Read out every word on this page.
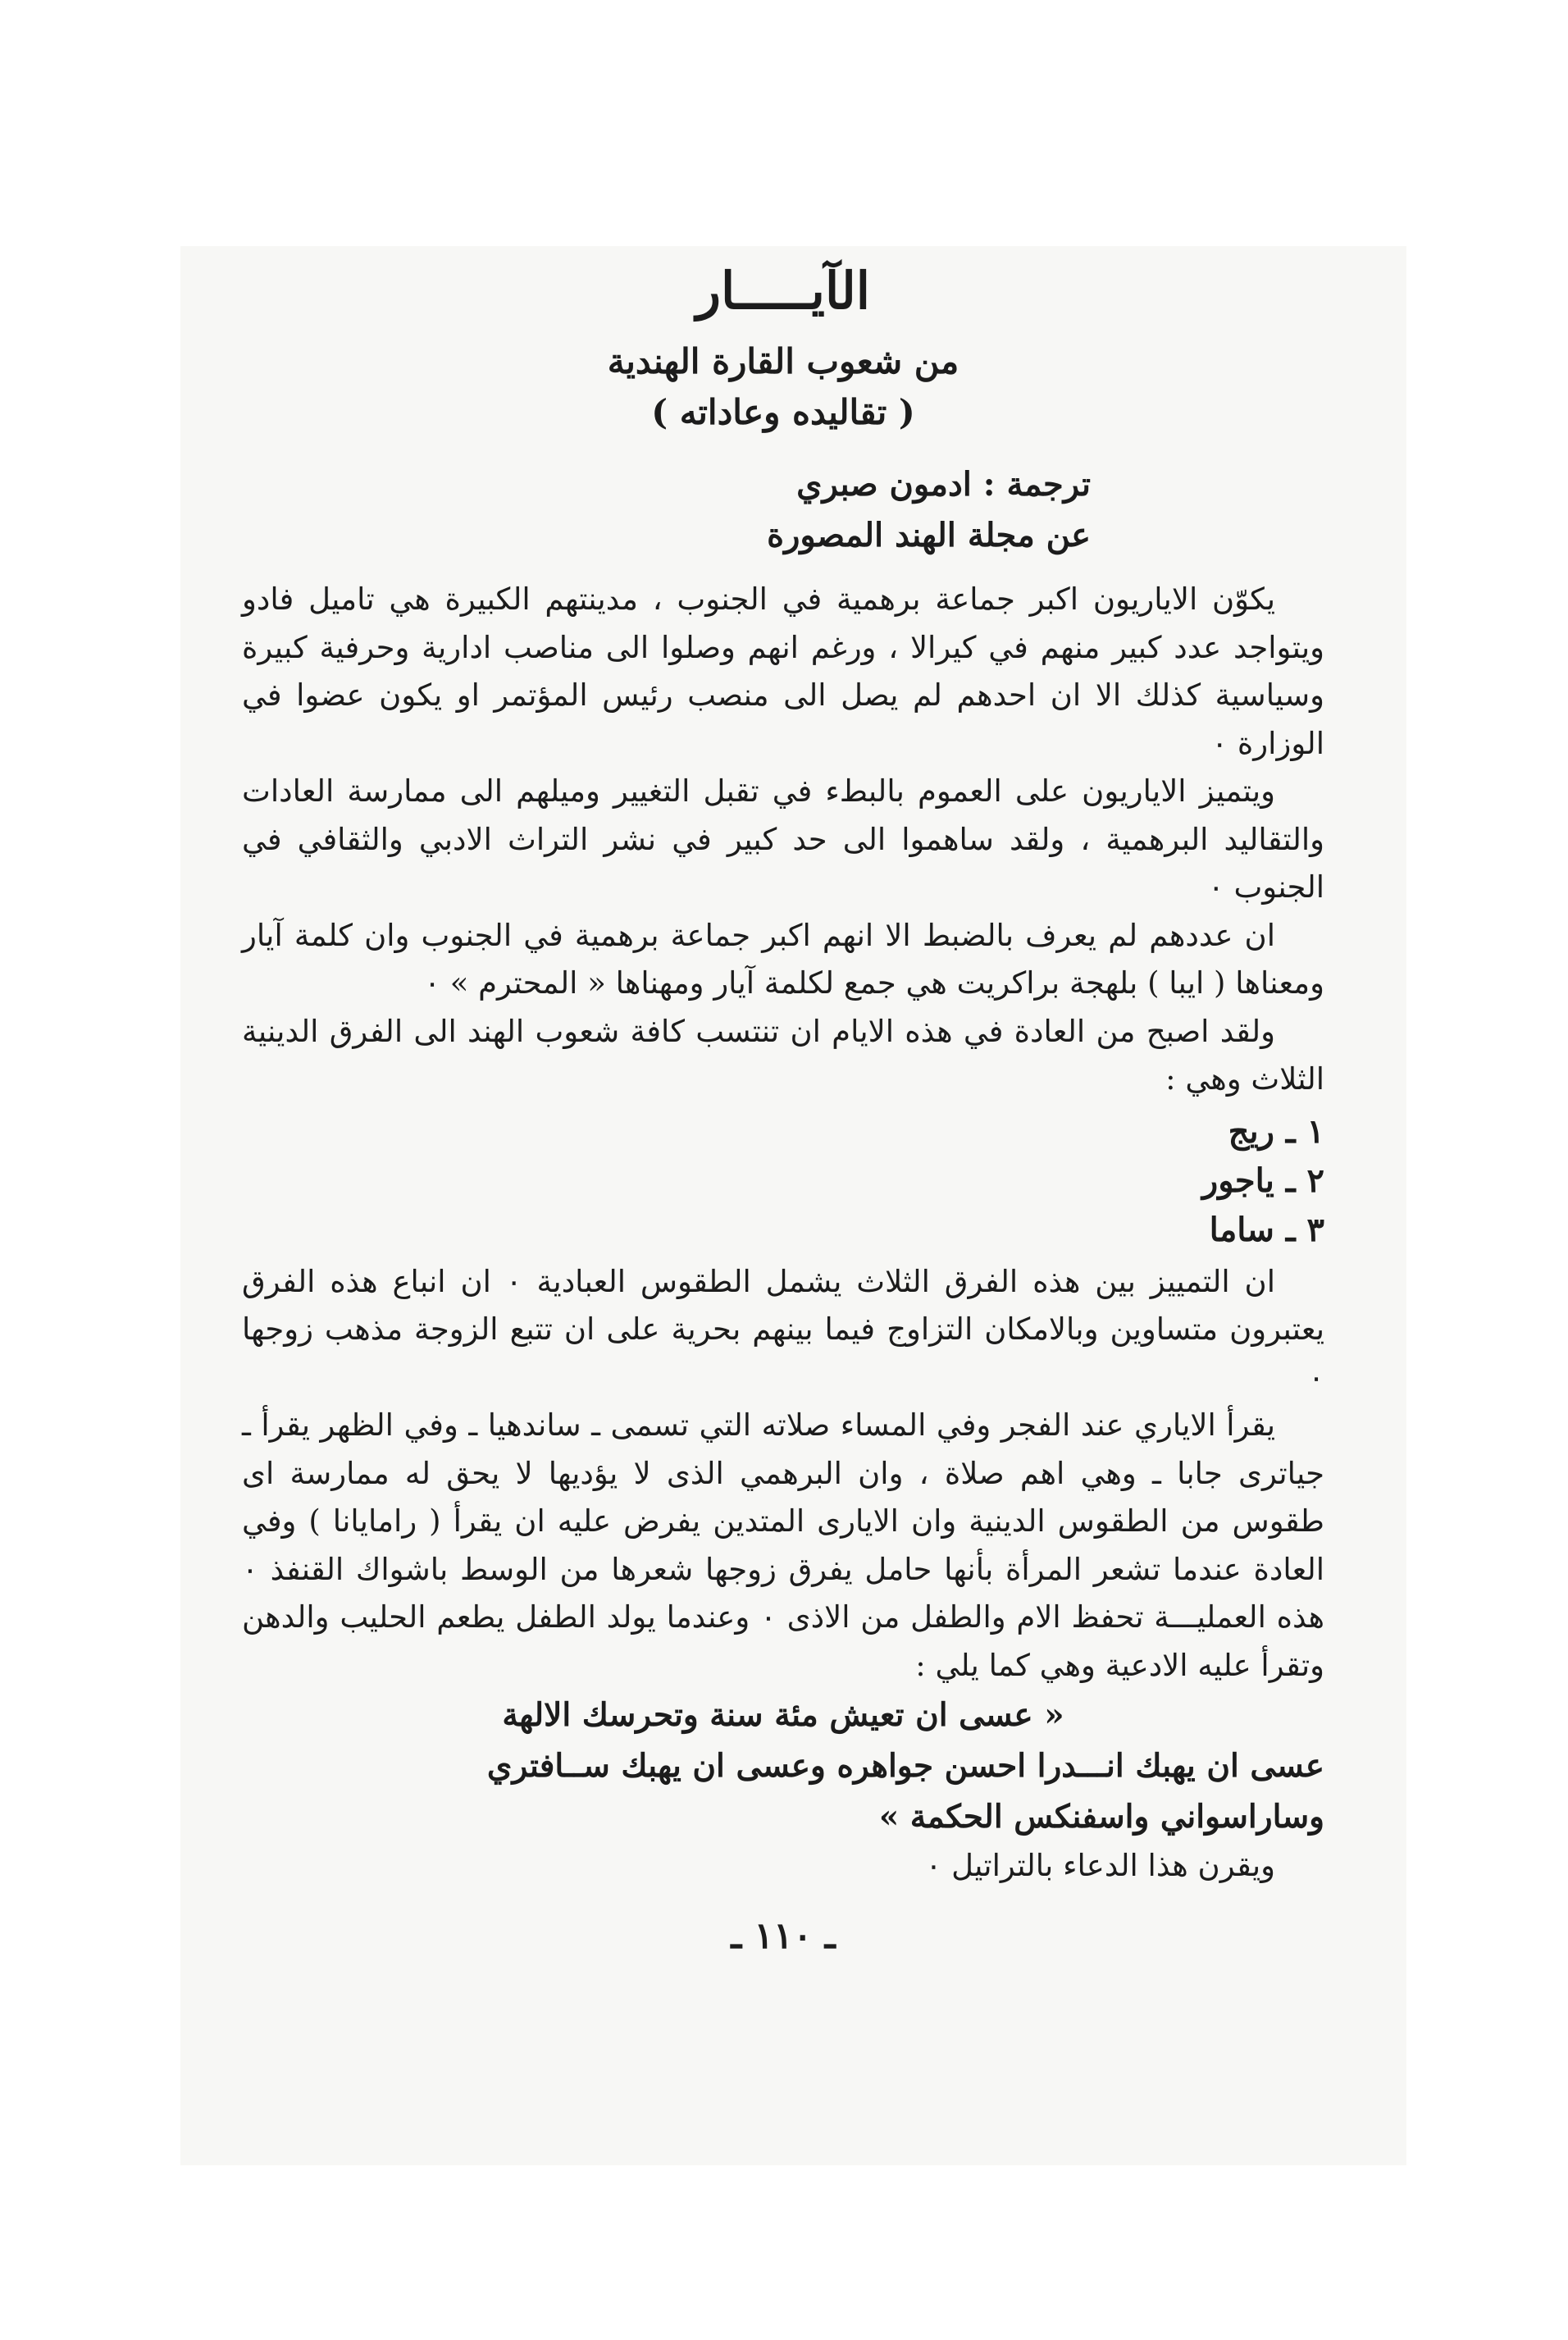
الآيـــــار
من شعوب القارة الهندية
( تقاليده وعاداته )
ترجمة : ادمون صبري
عن مجلة الهند المصورة

يكوّن الاياريون اكبر جماعة برهمية في الجنوب ، مدينتهم الكبيرة هي تاميل فادو ويتواجد عدد كبير منهم في كيرالا ، ورغم انهم وصلوا الى مناصب ادارية وحرفية كبيرة وسياسية كذلك الا ان احدهم لم يصل الى منصب رئيس المؤتمر او يكون عضوا في الوزارة ٠

ويتميز الاياريون على العموم بالبطء في تقبل التغيير وميلهم الى ممارسة العادات والتقاليد البرهمية ، ولقد ساهموا الى حد كبير في نشر التراث الادبي والثقافي في الجنوب ٠

ان عددهم لم يعرف بالضبط الا انهم اكبر جماعة برهمية في الجنوب وان كلمة آيار ومعناها ( ايبا ) بلهجة براكريت هي جمع لكلمة آيار ومهناها « المحترم » ٠

ولقد اصبح من العادة في هذه الايام ان تنتسب كافة شعوب الهند الى الفرق الدينية الثلاث وهي :

١ ـ ريج
٢ ـ ياجور
٣ ـ ساما

ان التمييز بين هذه الفرق الثلاث يشمل الطقوس العبادية ٠ ان انباع هذه الفرق يعتبرون متساوين وبالامكان التزاوج فيما بينهم بحرية على ان تتبع الزوجة مذهب زوجها ٠

يقرأ الاياري عند الفجر وفي المساء صلاته التي تسمى ـ ساندهيا ـ وفي الظهر يقرأ ـ جياترى جابا ـ وهي اهم صلاة ، وان البرهمي الذى لا يؤديها لا يحق له ممارسة اى طقوس من الطقوس الدينية وان الايارى المتدين يفرض عليه ان يقرأ ( رامايانا ) وفي العادة عندما تشعر المرأة بأنها حامل يفرق زوجها شعرها من الوسط باشواك القنفذ ٠ هذه العمليـــة تحفظ الام والطفل من الاذى ٠ وعندما يولد الطفل يطعم الحليب والدهن وتقرأ عليه الادعية وهي كما يلي :

« عسى ان تعيش مئة سنة وتحرسك الالهة

عسى ان يهبك انـــدرا احسن جواهره وعسى ان يهبك ســافتري

وساراسواني واسفنكس الحكمة »

ويقرن هذا الدعاء بالتراتيل ٠

ـ ١١٠ ـ
